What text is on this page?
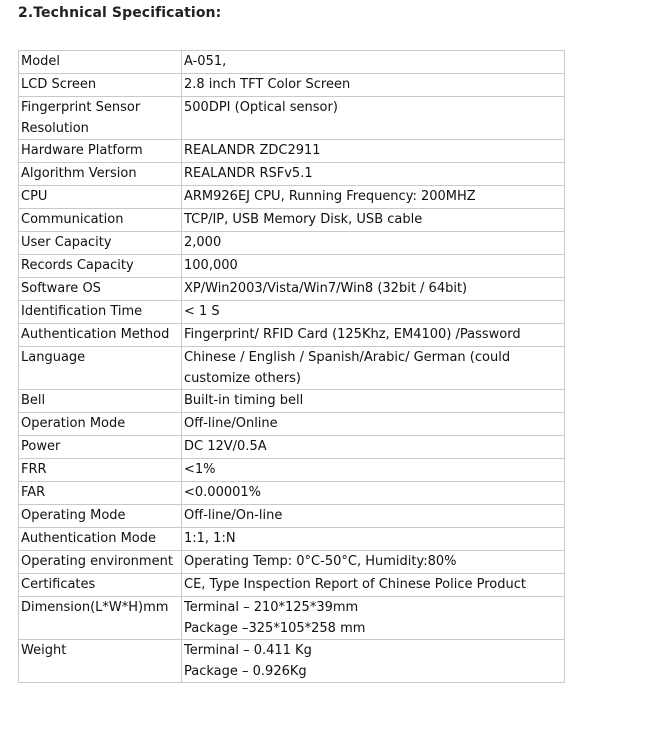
2.Technical Specification:
Model	A-051,

LCD Screen	2.8 inch TFT Color Screen

Fingerprint Sensor
Resolution	500DPI (Optical sensor)

Hardware Platform	REALANDR ZDC2911

Algorithm Version	REALANDR RSFv5.1

CPU	ARM926EJ CPU, Running Frequency: 200MHZ

Communication	TCP/IP, USB Memory Disk, USB cable

User Capacity	2,000

Records Capacity	100,000

Software OS	XP/Win2003/Vista/Win7/Win8 (32bit / 64bit)

Identification Time	< 1 S

Authentication Method	Fingerprint/ RFID Card (125Khz, EM4100) /Password

Language	Chinese / English / Spanish/Arabic/ German (could
customize others)

Bell	Built-in timing bell

Operation Mode	Off-line/Online

Power	DC 12V/0.5A

FRR	<1%

FAR	<0.00001%

Operating Mode	Off-line/On-line

Authentication Mode	1:1, 1:N

Operating environment	Operating Temp: 0°C-50°C, Humidity:80%

Certificates	CE, Type Inspection Report of Chinese Police Product

Dimension(L*W*H)mm	Terminal – 210*125*39mm
Package –325*105*258 mm

Weight	Terminal – 0.411 Kg
Package – 0.926Kg
